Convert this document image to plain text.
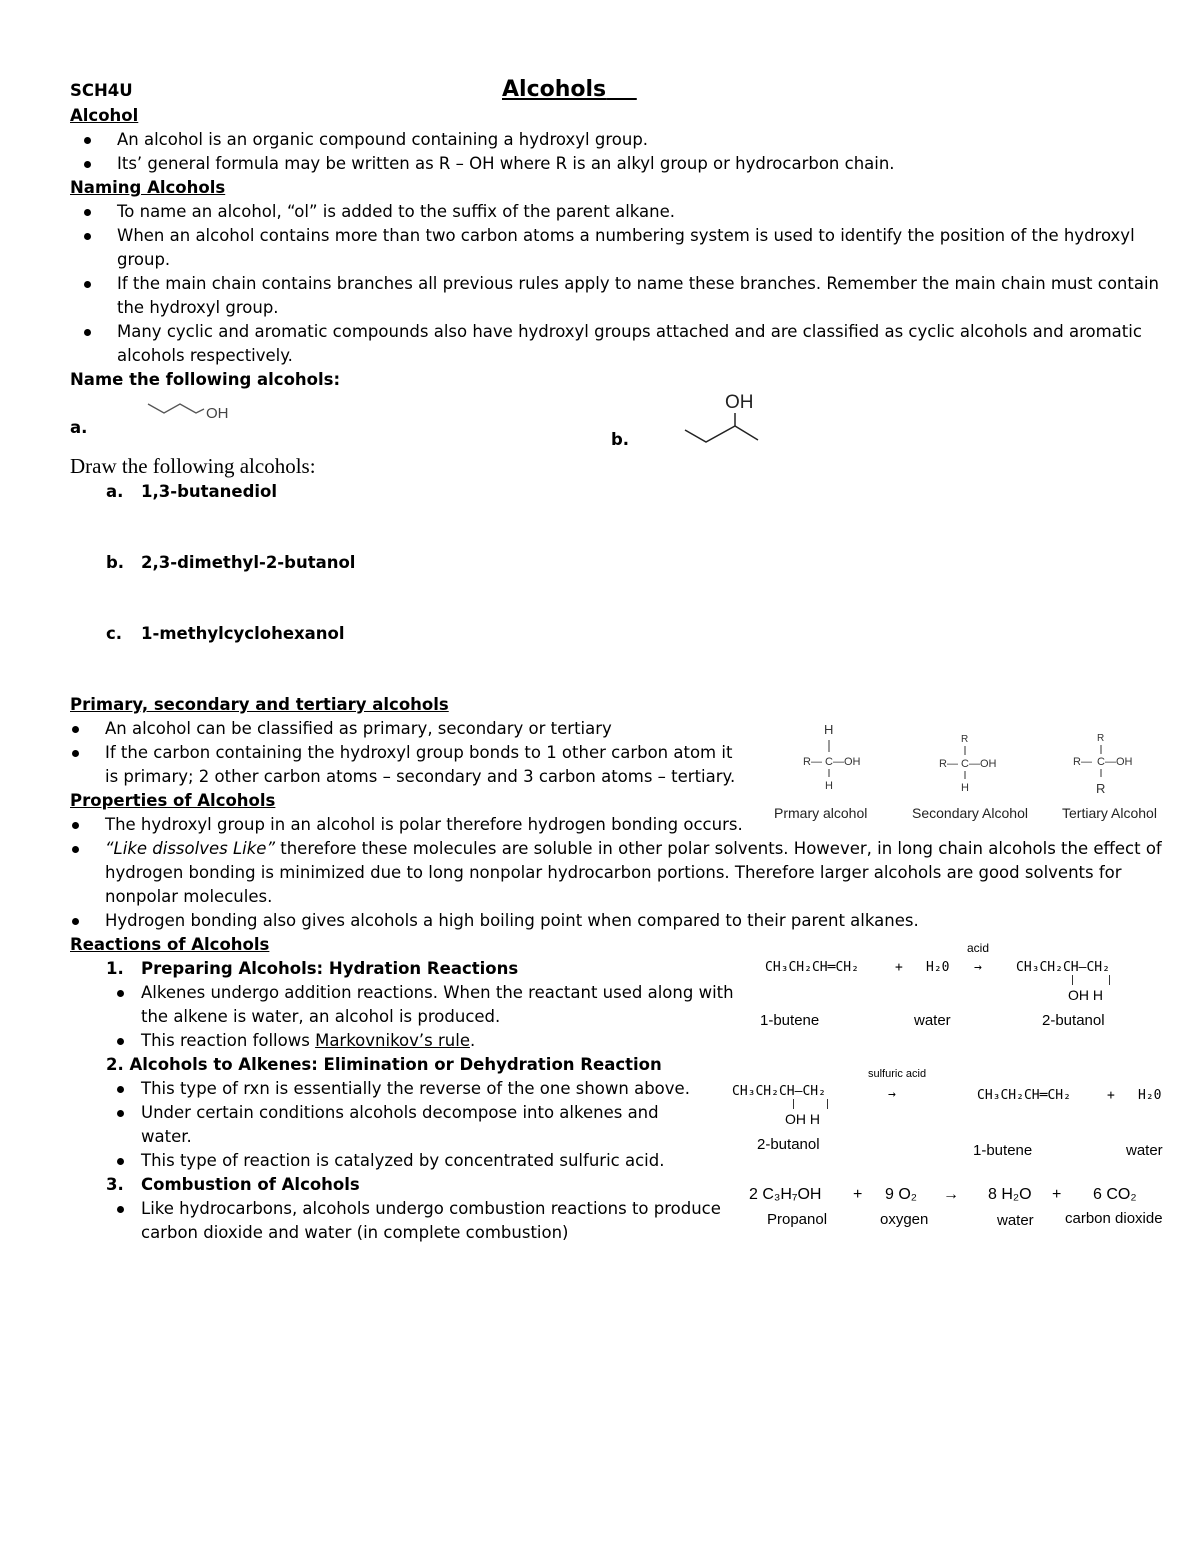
SCH4U	Alcohols
Alcohol
An alcohol is an organic compound containing a hydroxyl group.
Its’ general formula may be written as R – OH where R is an alkyl group or hydrocarbon chain.
Naming Alcohols
To name an alcohol, “ol” is added to the suffix of the parent alkane.
When an alcohol contains more than two carbon atoms a numbering system is used to identify the position of the hydroxyl
group.
If the main chain contains branches all previous rules apply to name these branches. Remember the main chain must contain
the hydroxyl group.
Many cyclic and aromatic compounds also have hydroxyl groups attached and are classified as cyclic alcohols and aromatic
alcohols respectively.
Name the following alcohols:
a.
OH
b.
OH
Draw the following alcohols:
a. 1,3-butanediol
b. 2,3-dimethyl-2-butanol
c. 1-methylcyclohexanol
Primary, secondary and tertiary alcohols
An alcohol can be classified as primary, secondary or tertiary
If the carbon containing the hydroxyl group bonds to 1 other carbon atom it
is primary; 2 other carbon atoms – secondary and 3 carbon atoms – tertiary.
H
R— C —OH
H
Prmary alcohol
R
R— C —OH
H
Secondary Alcohol
R
R— C —OH
R
Tertiary Alcohol
Properties of Alcohols
The hydroxyl group in an alcohol is polar therefore hydrogen bonding occurs.
“Like dissolves Like” therefore these molecules are soluble in other polar solvents. However, in long chain alcohols the effect of
hydrogen bonding is minimized due to long nonpolar hydrocarbon portions. Therefore larger alcohols are good solvents for
nonpolar molecules.
Hydrogen bonding also gives alcohols a high boiling point when compared to their parent alkanes.
Reactions of Alcohols
1. Preparing Alcohols: Hydration Reactions
Alkenes undergo addition reactions. When the reactant used along with
the alkene is water, an alcohol is produced.
This reaction follows Markovnikov’s rule.
2. Alcohols to Alkenes: Elimination or Dehydration Reaction
This type of rxn is essentially the reverse of the one shown above.
Under certain conditions alcohols decompose into alkenes and
water.
This type of reaction is catalyzed by concentrated sulfuric acid.
3. Combustion of Alcohols
Like hydrocarbons, alcohols undergo combustion reactions to produce
carbon dioxide and water (in complete combustion)
CH₃CH₂CH═CH₂	+ H₂0
acid
→	CH₃CH₂CH—CH₂
OH H
1-butene	water	2-butanol
CH₃CH₂CH—CH₂
OH H
sulfuric acid
→	CH₃CH₂CH═CH₂	+ H₂0
2-butanol	1-butene	water
2 C₃H₇OH + 9 O₂ → 8 H₂O + 6 CO₂
Propanol	oxygen	water carbon dioxide
